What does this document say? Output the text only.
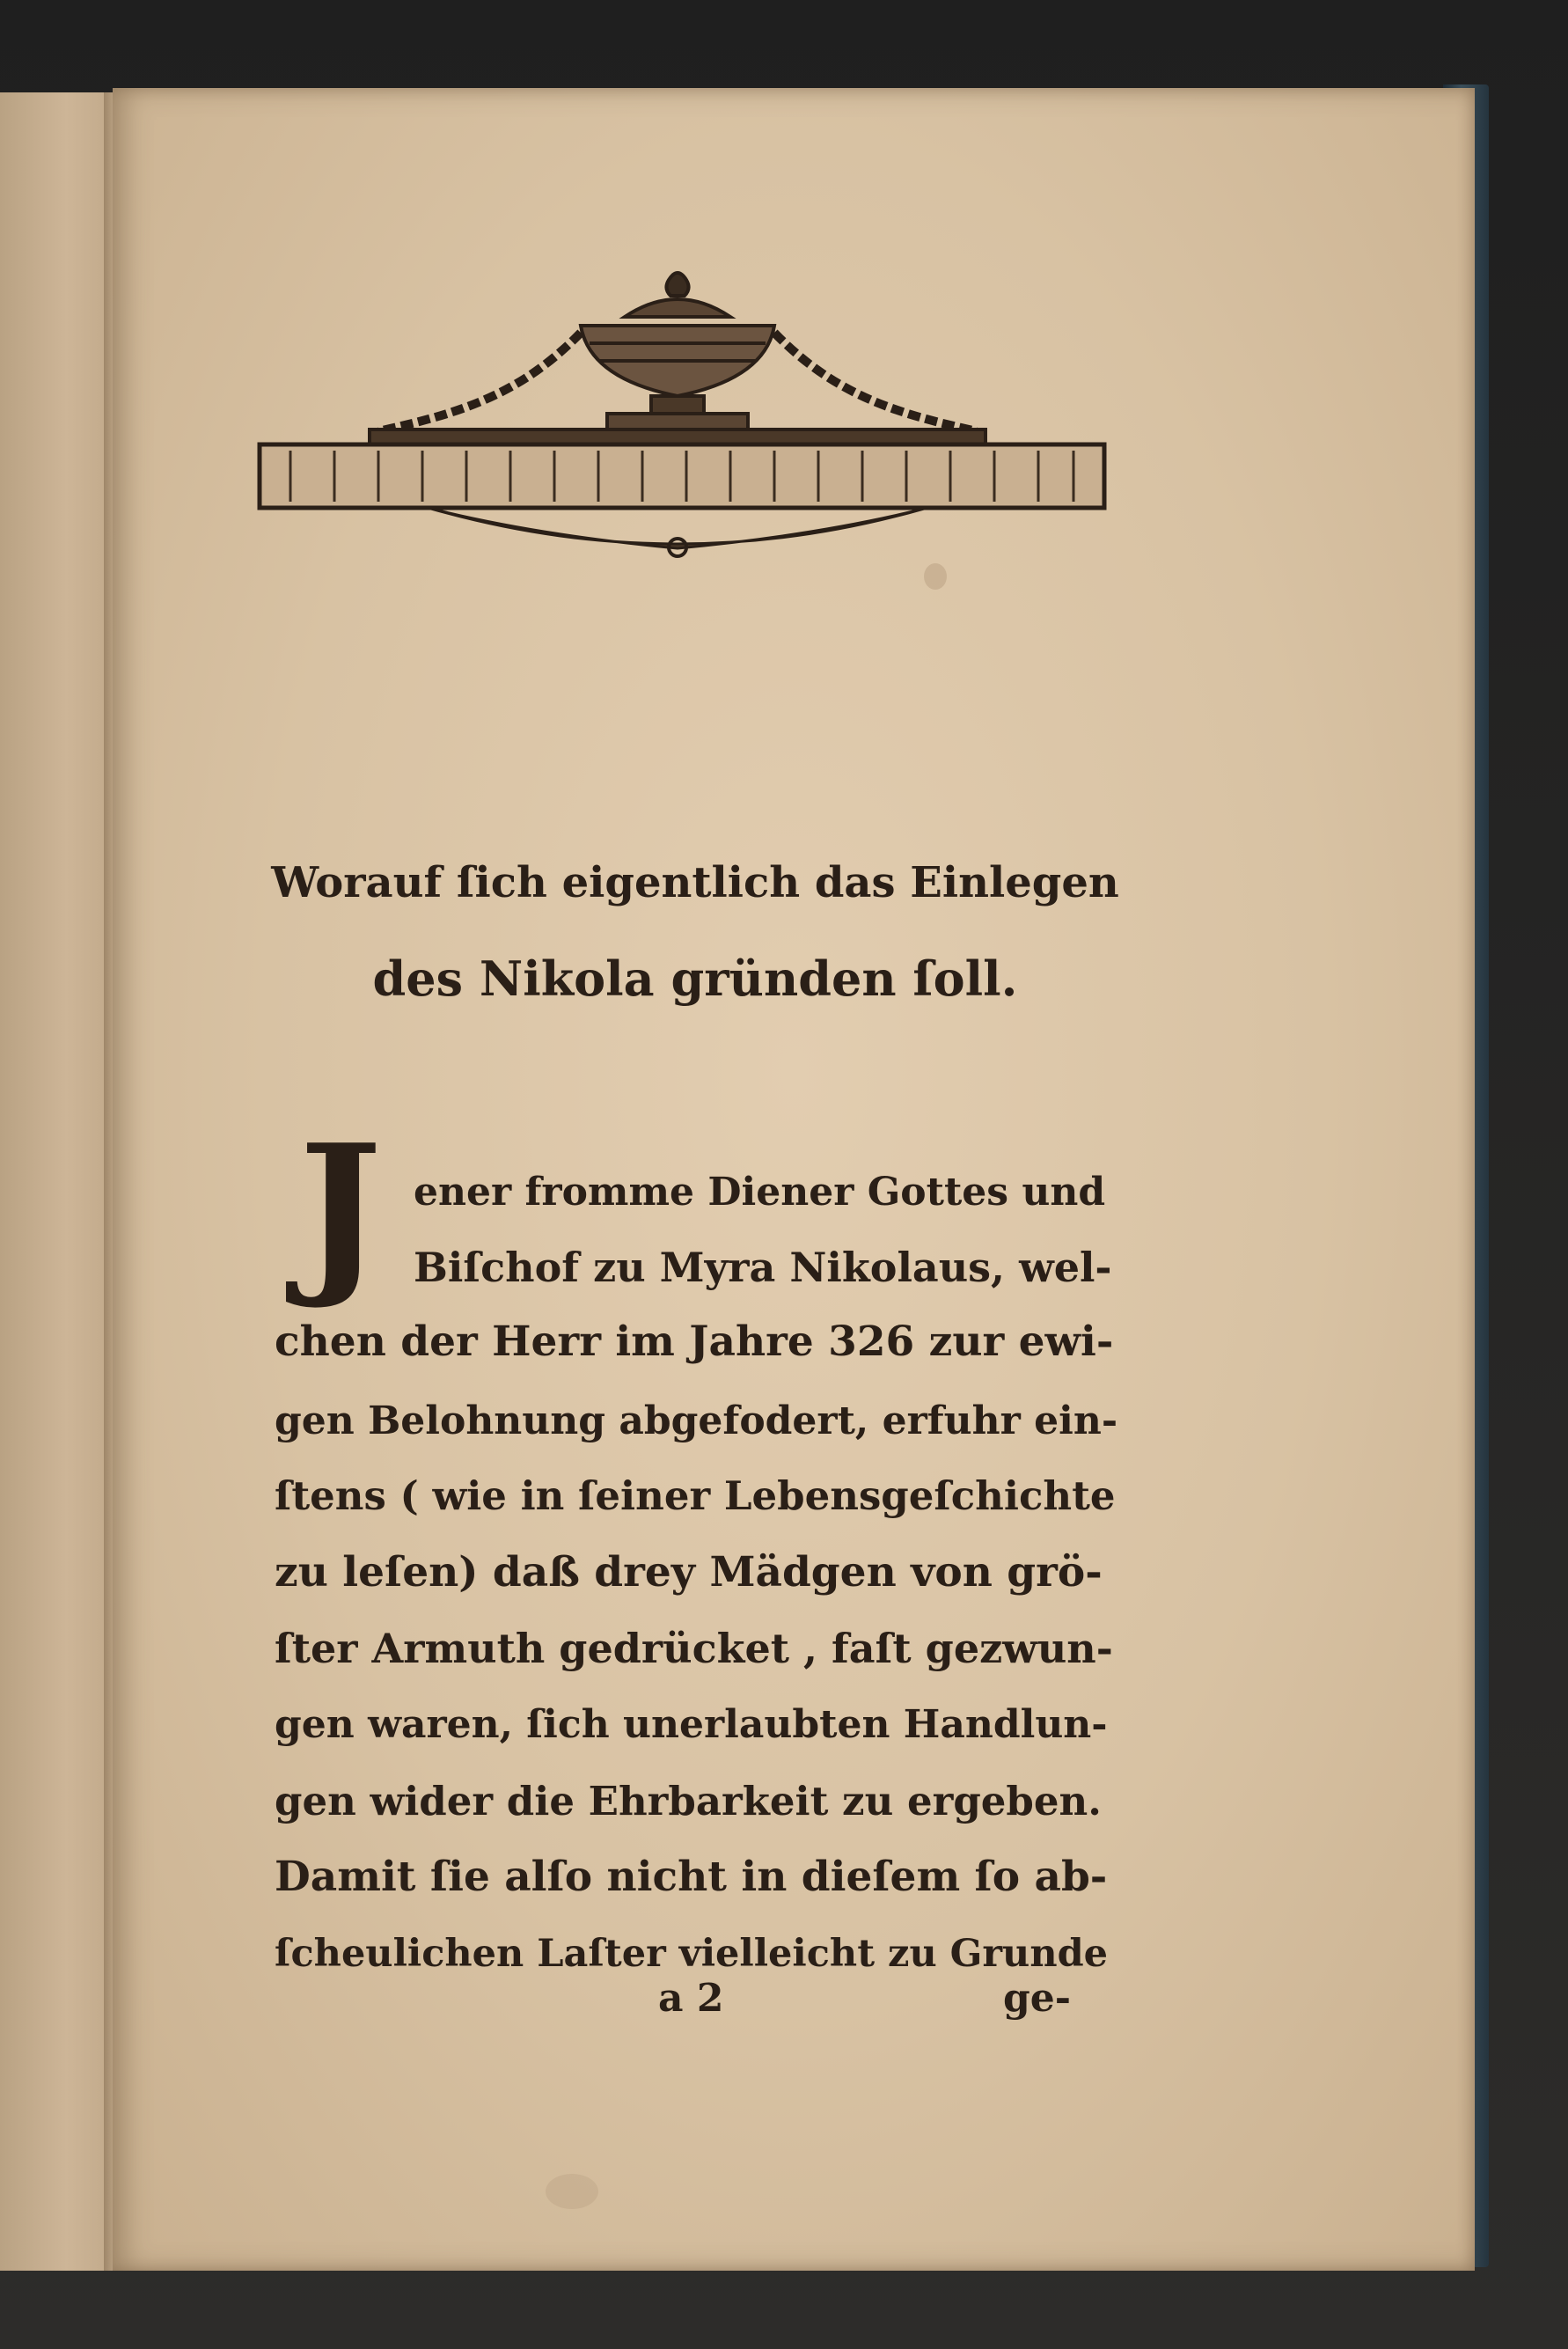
Worauf ſich eigentlich das Einlegen
des Nikola gründen ſoll.
J ener fromme Diener Gottes und
Biſchof zu Myra Nikolaus, wel-
chen der Herr im Jahre 326 zur ewi-
gen Belohnung abgefodert, erfuhr ein-
ſtens ( wie in ſeiner Lebensgeſchichte
zu leſen) daß drey Mädgen von grö-
ſter Armuth gedrücket , faſt gezwun-
gen waren, ſich unerlaubten Handlun-
gen wider die Ehrbarkeit zu ergeben.
Damit ſie alſo nicht in dieſem ſo ab-
ſcheulichen Laſter vielleicht zu Grunde
a 2	ge-
